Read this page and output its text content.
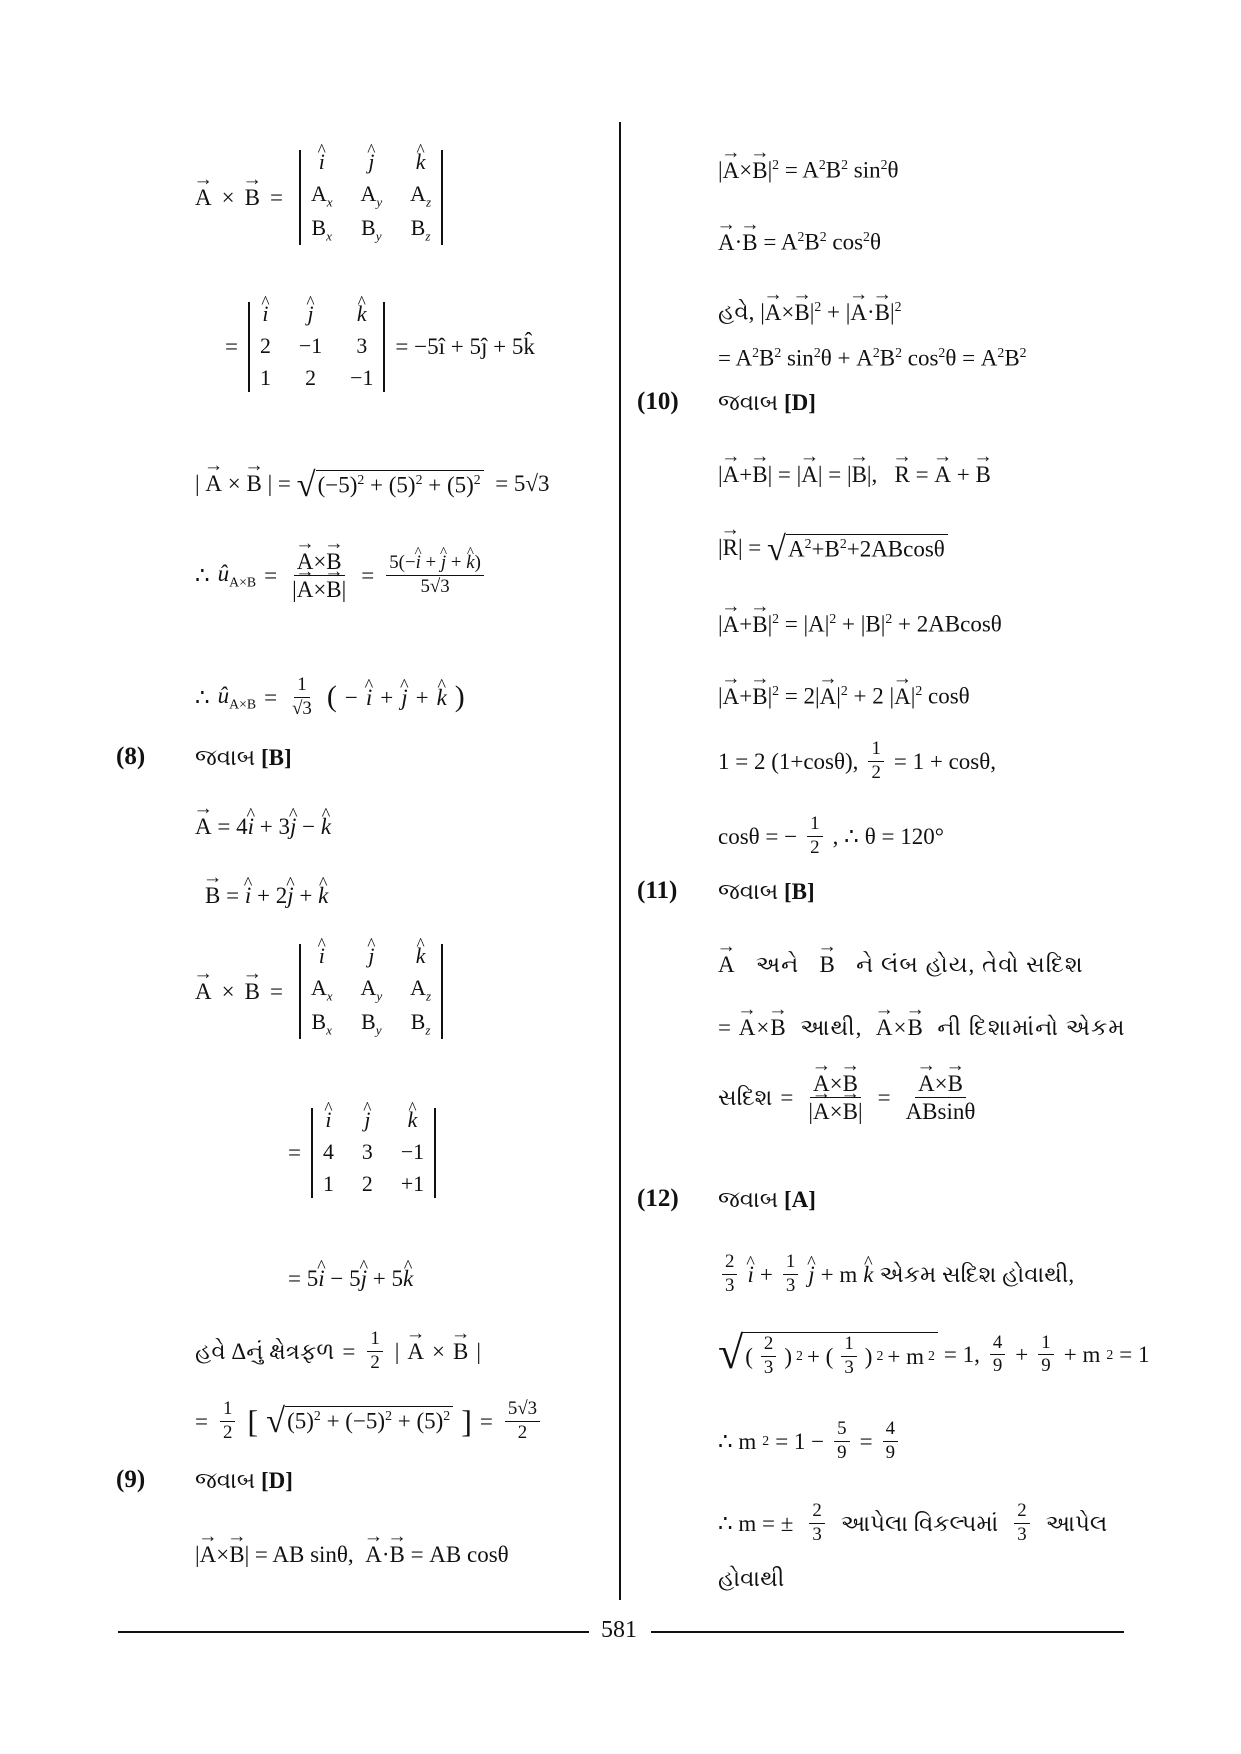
→ A × → B =
^ i	^ j	^ k
$A_x$ $A_y$ $A_z$
$B_x$ $B_y$ $B_z$
=
^ i	^ j	^ k
2 −1 3
1 2 −1
= −5î + 5ĵ + 5k̂
| → A × → B | = √ $(-5)^2 + (5)^2 + (5)^2 = 5√3$
∴ $û_{A\times B}$ = → $\frac{A\times\to B}{|\to A\times\to B|} = \frac{5(-\^{} i + \^{} j + \^{} k)}{5√3}$
∴ $û_{A\times B} = \frac{1}{√3}$ ( − ^ i + ^ j + ^ k )
(8) જવાબ [B]
→ A = 4^ i + 3^ j − ^ k
→ B = ^ i + 2^ j + ^ k
→ A × → B =
^ i	^ j	^ k
$A_x$ $A_y$ $A_z$
$B_x$ $B_y$ $B_z$
=
^ i ^ j	^ k
4 3 −1
1 2 +1
= 5^ i − 5^ j + 5^ k
હવે Δનું ક્ષેત્રફળ = $\frac{1}{2}$ | → A × → B |
= $\frac{1}{2}$ [ √ $(5)^2 + (-5)^2 + (5)^2$ ] = $\frac{5√3}{2}$
(9) જવાબ [D]
|→ A×→ B| = AB sinθ,  → A·→ B = AB cosθ
|→ $A\times\to B|^2 = A^2B^2$ $\sin^2\theta$
→ $A\cdot\to B = A^2B^2$ $\cos^2\theta$
હવે, |→ $A\times\to B|^2$ + |→ $A\cdot\to B|^2$
= $A^2B^2$ $\sin^2\theta + A^2B^2$ $\cos^2\theta = A^2B^2$
(10) જવાબ [D]
|→ A+→ B| = |→ A| = |→ B|,   → R = → A + → B
|→ R| = √ $A^2+B^2+2ABcos\theta$
|→ $A+\to B|^2 = |A|^2 + |B|^2 + 2ABcos\theta$
|→ $A+\to B|^2 = 2|\to A|^2 + 2$ |→ $A|^2$ cosθ
1 = 2 (1+cosθ), $\frac{1}{2} = 1 + \cos\theta$,
cosθ = − $\frac{1}{2}$ , ∴ θ = 120°
(11) જવાબ [B]
→ A અને → B ને લંબ હોય, તેવો સદિશ
= → A×→ B આથી, → A×→ B ની દિશામાંનો એકમ
સદિશ = → $\frac{A\times\to B}{|\to A\times\to B|}$ = → $\frac{A\times\to B}{ABsin\theta}$
(12) જવાબ [A]
$\frac{2}{3}$ ^ $i + \frac{1}{3}$ ^ j + m ^ k એકમ સદિશ હોવાથી,
√ ( $\frac{2}{3}$ ) 2 + ( $\frac{1}{3}$ ) 2 + m 2 = 1, $\frac{4}{9} + \frac{1}{9} + m$ 2 = 1
∴ m $2 = 1 - \frac{5}{9} = \frac{4}{9}$
∴ m = ± $\frac{2}{3}$ આપેલા વિકલ્પમાં $\frac{2}{3}$ આપેલ
હોવાથી
581
